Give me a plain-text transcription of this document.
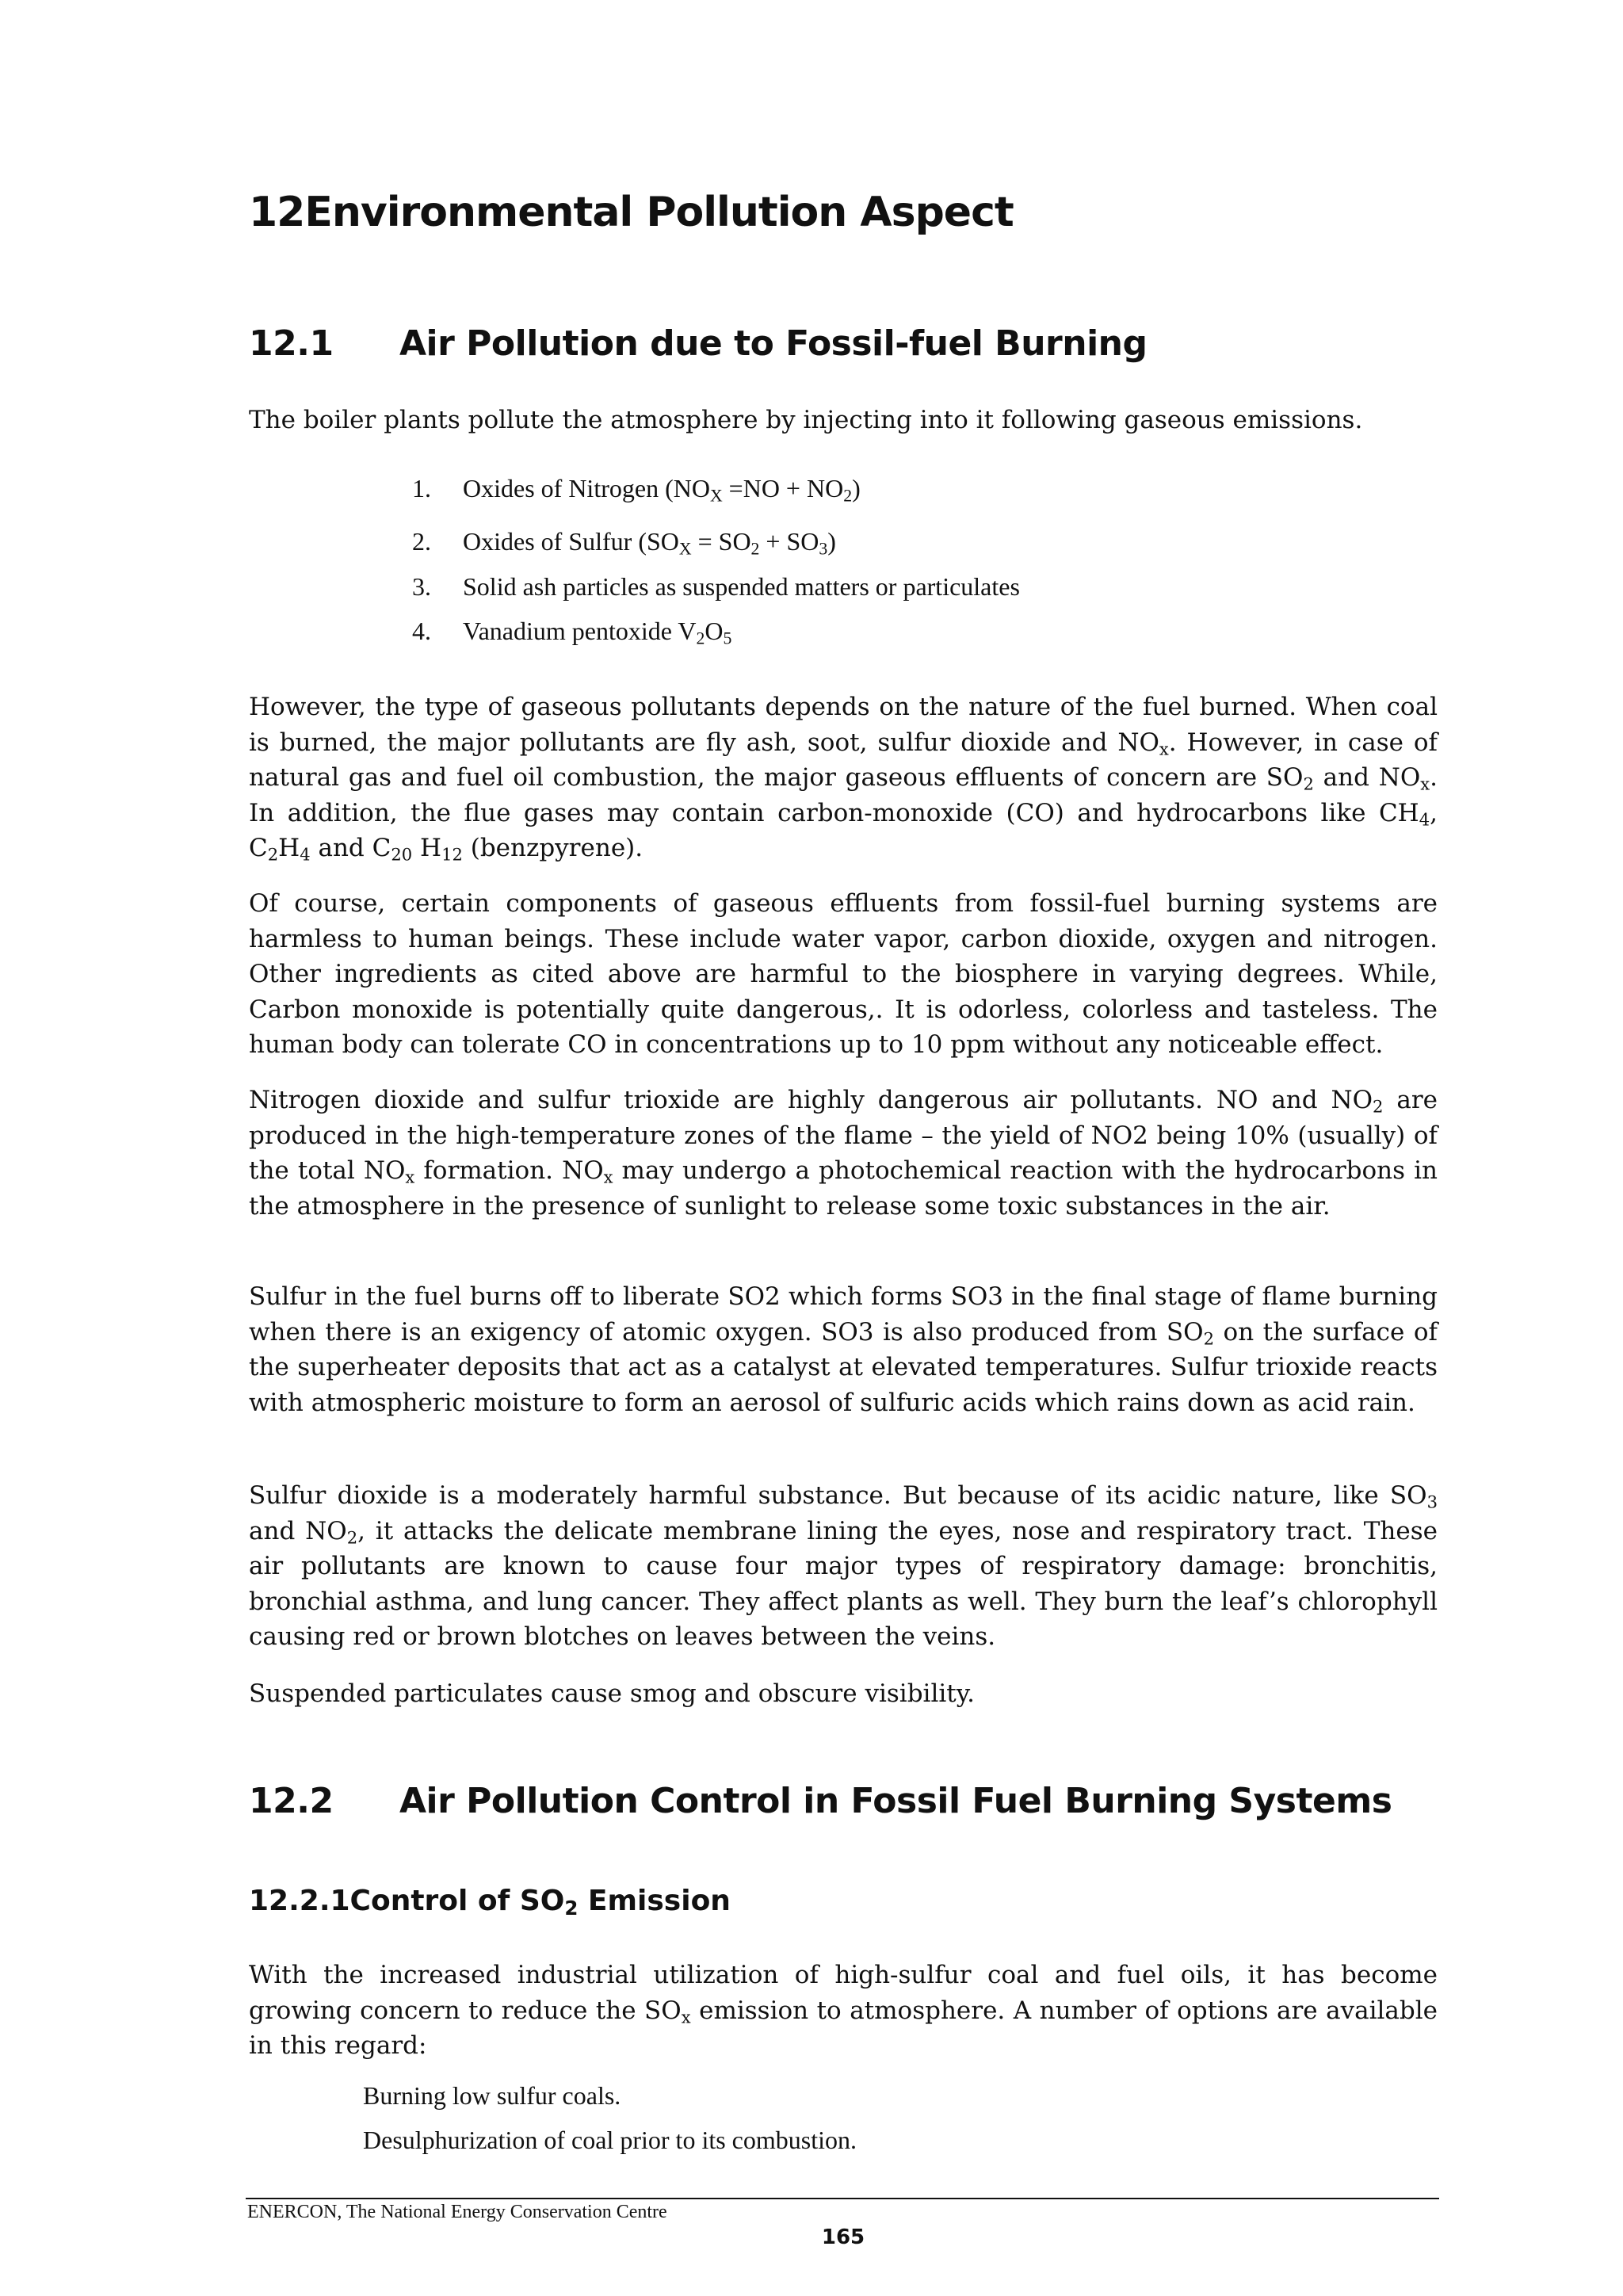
12Environmental Pollution Aspect
12.1 Air Pollution due to Fossil-fuel Burning

The boiler plants pollute the atmosphere by injecting into it following gaseous emissions.

1.	Oxides of Nitrogen $(NO_X =NO + NO_2)$
2.	Oxides of Sulfur $(SO_X = SO_2 + SO_3)$
3.	Solid ash particles as suspended matters or particulates
4.	Vanadium pentoxide $V_2O_5$

However, the type of gaseous pollutants depends on the nature of the fuel burned. When coal is burned, the major pollutants are fly ash, soot, sulfur dioxide and $NO_x$. However, in case of natural gas and fuel oil combustion, the major gaseous effluents of concern are $SO_2$ and $NO_x$. In addition, the flue gases may contain carbon-monoxide (CO) and hydrocarbons like $CH_4$, $C_2H_4$ and $C_{20}$ $H_{12}$ (benzpyrene).

Of course, certain components of gaseous effluents from fossil-fuel burning systems are harmless to human beings. These include water vapor, carbon dioxide, oxygen and nitrogen. Other ingredients as cited above are harmful to the biosphere in varying degrees. While, Carbon monoxide is potentially quite dangerous,. It is odorless, colorless and tasteless. The human body can tolerate CO in concentrations up to 10 ppm without any noticeable effect.

Nitrogen dioxide and sulfur trioxide are highly dangerous air pollutants. NO and $NO_2$ are produced in the high-temperature zones of the flame – the yield of NO2 being 10% (usually) of the total $NO_x$ formation. $NO_x$ may undergo a photochemical reaction with the hydrocarbons in the atmosphere in the presence of sunlight to release some toxic substances in the air.

Sulfur in the fuel burns off to liberate SO2 which forms SO3 in the final stage of flame burning when there is an exigency of atomic oxygen. SO3 is also produced from $SO_2$ on the surface of the superheater deposits that act as a catalyst at elevated temperatures. Sulfur trioxide reacts with atmospheric moisture to form an aerosol of sulfuric acids which rains down as acid rain.

Sulfur dioxide is a moderately harmful substance. But because of its acidic nature, like $SO_3$ and $NO_2$, it attacks the delicate membrane lining the eyes, nose and respiratory tract. These air pollutants are known to cause four major types of respiratory damage: bronchitis, bronchial asthma, and lung cancer. They affect plants as well. They burn the leaf’s chlorophyll causing red or brown blotches on leaves between the veins.

Suspended particulates cause smog and obscure visibility.

12.2 Air Pollution Control in Fossil Fuel Burning Systems
12.2.1Control of $SO_2$ Emission

With the increased industrial utilization of high-sulfur coal and fuel oils, it has become growing concern to reduce the $SO_x$ emission to atmosphere. A number of options are available in this regard:

Burning low sulfur coals.
Desulphurization of coal prior to its combustion.
ENERCON, The National Energy Conservation Centre
165
